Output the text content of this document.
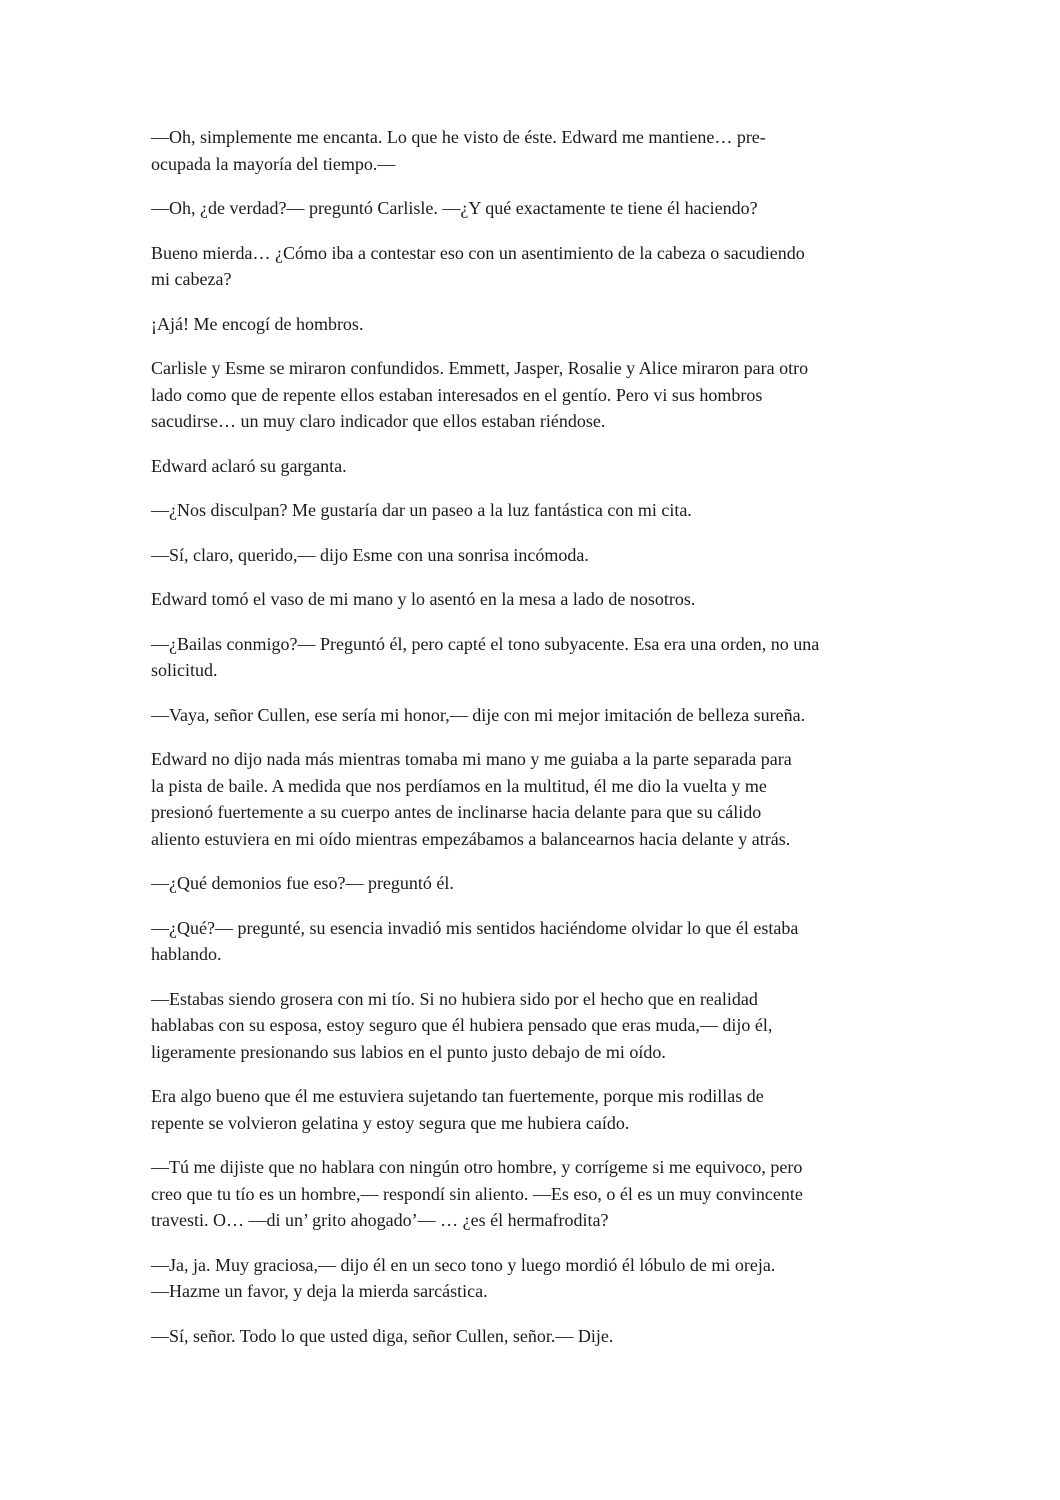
—Oh, simplemente me encanta. Lo que he visto de éste. Edward me mantiene… pre-
ocupada la mayoría del tiempo.—

—Oh, ¿de verdad?— preguntó Carlisle. —¿Y qué exactamente te tiene él haciendo?

Bueno mierda… ¿Cómo iba a contestar eso con un asentimiento de la cabeza o sacudiendo
mi cabeza?

¡Ajá! Me encogí de hombros.

Carlisle y Esme se miraron confundidos. Emmett, Jasper, Rosalie y Alice miraron para otro
lado como que de repente ellos estaban interesados en el gentío. Pero vi sus hombros
sacudirse… un muy claro indicador que ellos estaban riéndose.

Edward aclaró su garganta.

—¿Nos disculpan? Me gustaría dar un paseo a la luz fantástica con mi cita.

—Sí, claro, querido,— dijo Esme con una sonrisa incómoda.

Edward tomó el vaso de mi mano y lo asentó en la mesa a lado de nosotros.

—¿Bailas conmigo?— Preguntó él, pero capté el tono subyacente. Esa era una orden, no una
solicitud.

—Vaya, señor Cullen, ese sería mi honor,— dije con mi mejor imitación de belleza sureña.

Edward no dijo nada más mientras tomaba mi mano y me guiaba a la parte separada para
la pista de baile. A medida que nos perdíamos en la multitud, él me dio la vuelta y me
presionó fuertemente a su cuerpo antes de inclinarse hacia delante para que su cálido
aliento estuviera en mi oído mientras empezábamos a balancearnos hacia delante y atrás.

—¿Qué demonios fue eso?— preguntó él.

—¿Qué?— pregunté, su esencia invadió mis sentidos haciéndome olvidar lo que él estaba
hablando.

—Estabas siendo grosera con mi tío. Si no hubiera sido por el hecho que en realidad
hablabas con su esposa, estoy seguro que él hubiera pensado que eras muda,— dijo él,
ligeramente presionando sus labios en el punto justo debajo de mi oído.

Era algo bueno que él me estuviera sujetando tan fuertemente, porque mis rodillas de
repente se volvieron gelatina y estoy segura que me hubiera caído.

—Tú me dijiste que no hablara con ningún otro hombre, y corrígeme si me equivoco, pero
creo que tu tío es un hombre,— respondí sin aliento. —Es eso, o él es un muy convincente
travesti. O… —di un’ grito ahogado’— … ¿es él hermafrodita?

—Ja, ja. Muy graciosa,— dijo él en un seco tono y luego mordió él lóbulo de mi oreja.
—Hazme un favor, y deja la mierda sarcástica.

—Sí, señor. Todo lo que usted diga, señor Cullen, señor.— Dije.
